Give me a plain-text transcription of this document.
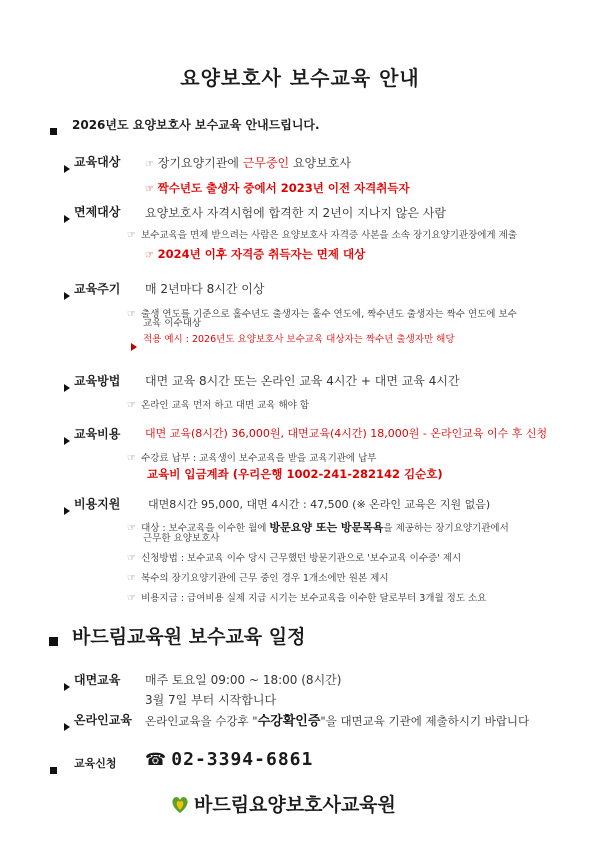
요양보호사 보수교육 안내
2026년도 요양보호사 보수교육 안내드립니다.
교육대상 ☞ 장기요양기관에 근무중인 요양보호사
☞ 짝수년도 출생자 중에서 2023년 이전 자격취득자
면제대상 요양보호사 자격시험에 합격한 지 2년이 지나지 않은 사람
☞ 보수교육을 면제 받으려는 사람은 요양보호사 자격증 사본을 소속 장기요양기관장에게 제출
☞ 2024년 이후 자격증 취득자는 면제 대상
교육주기 매 2년마다 8시간 이상
☞ 출생 연도를 기준으로 홀수년도 출생자는 홀수 연도에, 짝수년도 출생자는 짝수 연도에 보수
교육 이수대상
적용 예시 : 2026년도 요양보호사 보수교육 대상자는 짝수년 출생자만 해당
교육방법 대면 교육 8시간 또는 온라인 교육 4시간 + 대면 교육 4시간
☞ 온라인 교육 먼저 하고 대면 교육 해야 함
교육비용 대면 교육(8시간) 36,000원, 대면교육(4시간) 18,000원 - 온라인교육 이수 후 신청
☞ 수강료 납부 : 교육생이 보수교육을 받을 교육기관에 납부
교육비 입금계좌 (우리은행 1002-241-282142 김순호)
비용지원	대면8시간 95,000, 대면 4시간 : 47,500 (※ 온라인 교육은 지원 없음)
☞ 대상 : 보수교육을 이수한 월에 방문요양 또는 방문목욕을 제공하는 장기요양기관에서
근무한 요양보호사
☞ 신청방법 : 보수교육 이수 당시 근무했던 방문기관으로 '보수교육 이수증' 제시
☞ 복수의 장기요양기관에 근무 중인 경우 1개소에만 원본 제시
☞ 비용지급 : 급여비용 실제 지급 시기는 보수교육을 이수한 달로부터 3개월 정도 소요
바드림교육원 보수교육 일정
대면교육 매주 토요일 09:00 ~ 18:00 (8시간)
3월 7일 부터 시작합니다
온라인교육 온라인교육을 수강후 "수강확인증"을 대면교육 기관에 제출하시기 바랍니다
교육신청 ☎ 02-3394-6861
바드림요양보호사교육원
